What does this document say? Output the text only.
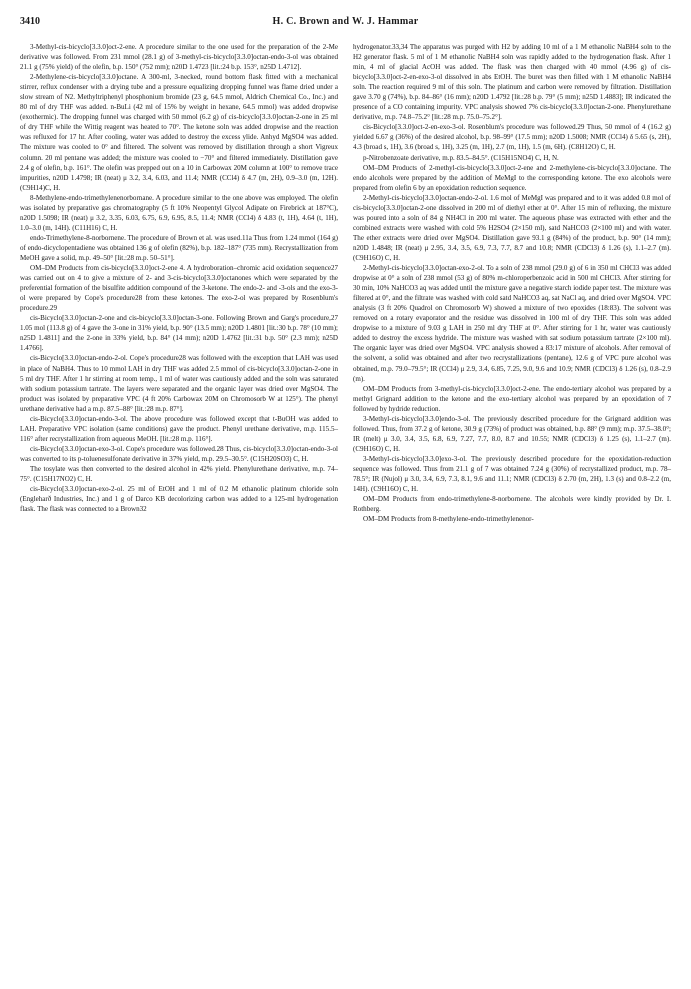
3410	H. C. Brown and W. J. Hammar

3-Methyl-cis-bicyclo[3.3.0]oct-2-ene. A procedure similar to the one used for the preparation of the 2-Me derivative was followed. From 231 mmol (28.1 g) of 3-methyl-cis-bicyclo[3.3.0]octan-endo-3-ol was obtained 21.1 g (75% yield) of the olefin, b.p. 150° (752 mm); n20D 1.4723 [lit.:24 b.p. 153°, n25D 1.4712].

2-Methylene-cis-bicyclo[3.3.0]octane. A 300-ml, 3-necked, round bottom flask fitted with a mechanical stirrer, reflux condenser with a drying tube and a pressure equalizing dropping funnel was flame dried under a slow stream of N2. Methyltriphenyl phosphonium bromide (23 g, 64.5 mmol, Aldrich Chemical Co., Inc.) and 80 ml of dry THF was added. n-BuLi (42 ml of 15% by weight in hexane, 64.5 mmol) was added dropwise (exothermic). The dropping funnel was charged with 50 mmol (6.2 g) of cis-bicyclo[3.3.0]octan-2-one in 25 ml of dry THF while the Wittig reagent was heated to 70°. The ketone soln was added dropwise and the reaction was refluxed for 17 hr. After cooling, water was added to destroy the excess ylide. Anhyd MgSO4 was added. The mixture was cooled to 0° and filtered. The solvent was removed by distillation through a short Vigreux column. 20 ml pentane was added; the mixture was cooled to −70° and filtered immediately. Distillation gave 2.4 g of olefin, b.p. 161°. The olefin was prepped out on a 10 in Carbowax 20M column at 100° to remove trace impurities, n20D 1.4798; IR (neat) μ 3.2, 3.4, 6.03, and 11.4; NMR (CCl4) δ 4.7 (m, 2H), 0.9–3.0 (m, 12H). (C9H14)C, H.

8-Methylene-endo-trimethylenenorbornane. A procedure similar to the one above was employed. The olefin was isolated by preparative gas chromatography (5 ft 10% Neopentyl Glycol Adipate on Firebrick at 187°C), n20D 1.5098; IR (neat) μ 3.2, 3.35, 6.03, 6.75, 6.9, 6.95, 8.5, 11.4; NMR (CCl4) δ 4.83 (t, 1H), 4.64 (t, 1H), 1.0–3.0 (m, 14H). (C11H16) C, H.

endo-Trimethylene-8-norbornene. The procedure of Brown et al. was used.11a Thus from 1.24 mmol (164 g) of endo-dicyclopentadiene was obtained 136 g of olefin (82%), b.p. 182–187° (735 mm). Recrystallization from MeOH gave a solid, m.p. 49–50° [lit.:28 m.p. 50–51°].

OM–DM Products from cis-bicyclo[3.3.0]oct-2-ene 4. A hydroboration–chromic acid oxidation sequence27 was carried out on 4 to give a mixture of 2- and 3-cis-bicyclo[3.3.0]octanones which were separated by the preferential formation of the bisulfite addition compound of the 3-ketone. The endo-2- and -3-ols and the exo-3-ol were prepared by Cope's procedure28 from these ketones. The exo-2-ol was prepared by Rosenblum's procedure.29

cis-Bicyclo[3.3.0]octan-2-one and cis-bicyclo[3.3.0]octan-3-one. Following Brown and Garg's procedure,27 1.05 mol (113.8 g) of 4 gave the 3-one in 31% yield, b.p. 90° (13.5 mm); n20D 1.4801 [lit.:30 b.p. 78° (10 mm); n25D 1.4811] and the 2-one in 33% yield, b.p. 84° (14 mm); n20D 1.4762 [lit.:31 b.p. 50° (2.3 mm); n25D 1.4766].

cis-Bicyclo[3.3.0]octan-endo-2-ol. Cope's procedure28 was followed with the exception that LAH was used in place of NaBH4. Thus to 10 mmol LAH in dry THF was added 2.5 mmol of cis-bicyclo[3.3.0]octan-2-one in 5 ml dry THF. After 1 hr stirring at room temp., 1 ml of water was cautiously added and the soln was saturated with sodium potassium tartrate. The layers were separated and the organic layer was dried over MgSO4. The product was isolated by preparative VPC (4 ft 20% Carbowax 20M on Chromosorb W at 125°). The phenyl urethane derivative had a m.p. 87.5–88° [lit.:28 m.p. 87°].

cis-Bicyclo[3.3.0]octan-endo-3-ol. The above procedure was followed except that t-BuOH was added to LAH. Preparative VPC isolation (same conditions) gave the product. Phenyl urethane derivative, m.p. 115.5–116° after recrystallization from aqueous MeOH. [lit.:28 m.p. 116°].

cis-Bicyclo[3.3.0]octan-exo-3-ol. Cope's procedure was followed.28 Thus, cis-bicyclo[3.3.0]octan-endo-3-ol was converted to its p-toluenesulfonate derivative in 37% yield, m.p. 29.5–30.5°. (C15H20SO3) C, H.

The tosylate was then converted to the desired alcohol in 42% yield. Phenylurethane derivative, m.p. 74–75°. (C15H17NO2) C, H.

cis-Bicyclo[3.3.0]octan-exo-2-ol. 25 ml of EtOH and 1 ml of 0.2 M ethanolic platinum chloride soln (Engleharð Industries, Inc.) and 1 g of Darco KB decolorizing carbon was added to a 125-ml hydrogenation flask. The flask was connected to a Brown32

hydrogenator.33,34 The apparatus was purged with H2 by adding 10 ml of a 1 M ethanolic NaBH4 soln to the H2 generator flask. 5 ml of 1 M ethanolic NaBH4 soln was rapidly added to the hydrogenation flask. After 1 min, 4 ml of glacial AcOH was added. The flask was then charged with 40 mmol (4.96 g) of cis-bicyclo[3.3.0]oct-2-en-exo-3-ol dissolved in abs EtOH. The buret was then filled with 1 M ethanolic NaBH4 soln. The reaction required 9 ml of this soln. The platinum and carbon were removed by filtration. Distillation gave 3.70 g (74%), b.p. 84–86° (16 mm); n20D 1.4792 [lit.:28 b.p. 79° (5 mm); n25D 1.4883]; IR indicated the presence of a CO containing impurity. VPC analysis showed 7% cis-bicyclo[3.3.0]octan-2-one. Phenylurethane derivative, m.p. 74.8–75.2° [lit.:28 m.p. 75.0–75.2°].

cis-Bicyclo[3.3.0]oct-2-en-exo-3-ol. Rosenblum's procedure was followed.29 Thus, 50 mmol of 4 (16.2 g) yielded 6.67 g (36%) of the desired alcohol, b.p. 98–99° (17.5 mm); n20D 1.5008; NMR (CCl4) δ 5.65 (s, 2H), 4.3 (broad s, 1H), 3.6 (broad s, 1H), 3.25 (m, 1H), 2.7 (m, 1H), 1.5 (m, 6H). (C8H12O) C, H.

p-Nitrobenzoate derivative, m.p. 83.5–84.5°. (C15H15NO4) C, H, N.

OM–DM Products of 2-methyl-cis-bicyclo[3.3.0]oct-2-ene and 2-methylene-cis-bicyclo[3.3.0]octane. The endo alcohols were prepared by the addition of MeMgI to the corresponding ketone. The exo alcohols were prepared from olefin 6 by an epoxidation reduction sequence.

2-Methyl-cis-bicyclo[3.3.0]octan-endo-2-ol. 1.6 mol of MeMgI was prepared and to it was added 0.8 mol of cis-bicyclo[3.3.0]octan-2-one dissolved in 200 ml of diethyl ether at 0°. After 15 min of refluxing, the mixture was poured into a soln of 84 g NH4Cl in 200 ml water. The aqueous phase was extracted with ether and the combined extracts were washed with cold 5% H2SO4 (2×150 ml), satd NaHCO3 (2×100 ml) and with water. The ether extracts were dried over MgSO4. Distillation gave 93.1 g (84%) of the product, b.p. 90° (14 mm); n20D 1.4848; IR (neat) μ 2.95, 3.4, 3.5, 6.9, 7.3, 7.7, 8.7 and 10.8; NMR (CDCl3) δ 1.26 (s), 1.1–2.7 (m). (C9H16O) C, H.

2-Methyl-cis-bicyclo[3.3.0]octan-exo-2-ol. To a soln of 238 mmol (29.0 g) of 6 in 350 ml CHCl3 was added dropwise at 0° a soln of 238 mmol (53 g) of 80% m-chloroperbenzoic acid in 500 ml CHCl3. After stirring for 30 min, 10% NaHCO3 aq was added until the mixture gave a negative starch iodide paper test. The mixture was filtered at 0°, and the filtrate was washed with cold satd NaHCO3 aq, sat NaCl aq, and dried over MgSO4. VPC analysis (3 ft 20% Quadrol on Chromosorb W) showed a mixture of two epoxides (18:83). The solvent was removed on a rotary evaporator and the residue was dissolved in 100 ml of dry THF. This soln was added dropwise to a mixture of 9.03 g LAH in 250 ml dry THF at 0°. After stirring for 1 hr, water was cautiously added to destroy the excess hydride. The mixture was washed with sat sodium potassium tartrate (2×100 ml). The organic layer was dried over MgSO4. VPC analysis showed a 83:17 mixture of alcohols. After removal of the solvent, a solid was obtained and after two recrystallizations (pentane), 12.6 g of VPC pure alcohol was obtained, m.p. 79.0–79.5°; IR (CCl4) μ 2.9, 3.4, 6.85, 7.25, 9.0, 9.6 and 10.9; NMR (CDCl3) δ 1.26 (s), 0.8–2.9 (m).

OM–DM Products from 3-methyl-cis-bicyclo[3.3.0]oct-2-ene. The endo-tertiary alcohol was prepared by a methyl Grignard addition to the ketone and the exo-tertiary alcohol was prepared by an epoxidation of 7 followed by hydride reduction.

3-Methyl-cis-bicyclo[3.3.0]endo-3-ol. The previously described procedure for the Grignard addition was followed. Thus, from 37.2 g of ketone, 30.9 g (73%) of product was obtained, b.p. 88° (9 mm); m.p. 37.5–38.0°; IR (melt) μ 3.0, 3.4, 3.5, 6.8, 6.9, 7.27, 7.7, 8.0, 8.7 and 10.55; NMR (CDCl3) δ 1.25 (s), 1.1–2.7 (m). (C9H16O) C, H.

3-Methyl-cis-bicyclo[3.3.0]exo-3-ol. The previously described procedure for the epoxidation-reduction sequence was followed. Thus from 21.1 g of 7 was obtained 7.24 g (30%) of recrystallized product, m.p. 78–78.5°; IR (Nujol) μ 3.0, 3.4, 6.9, 7.3, 8.1, 9.6 and 11.1; NMR (CDCl3) δ 2.70 (m, 2H), 1.3 (s) and 0.8–2.2 (m, 14H). (C9H16O) C, H.

OM–DM Products from endo-trimethylene-8-norbornene. The alcohols were kindly provided by Dr. I. Rothberg.

OM–DM Products from 8-methylene-endo-trimethylenenor-
